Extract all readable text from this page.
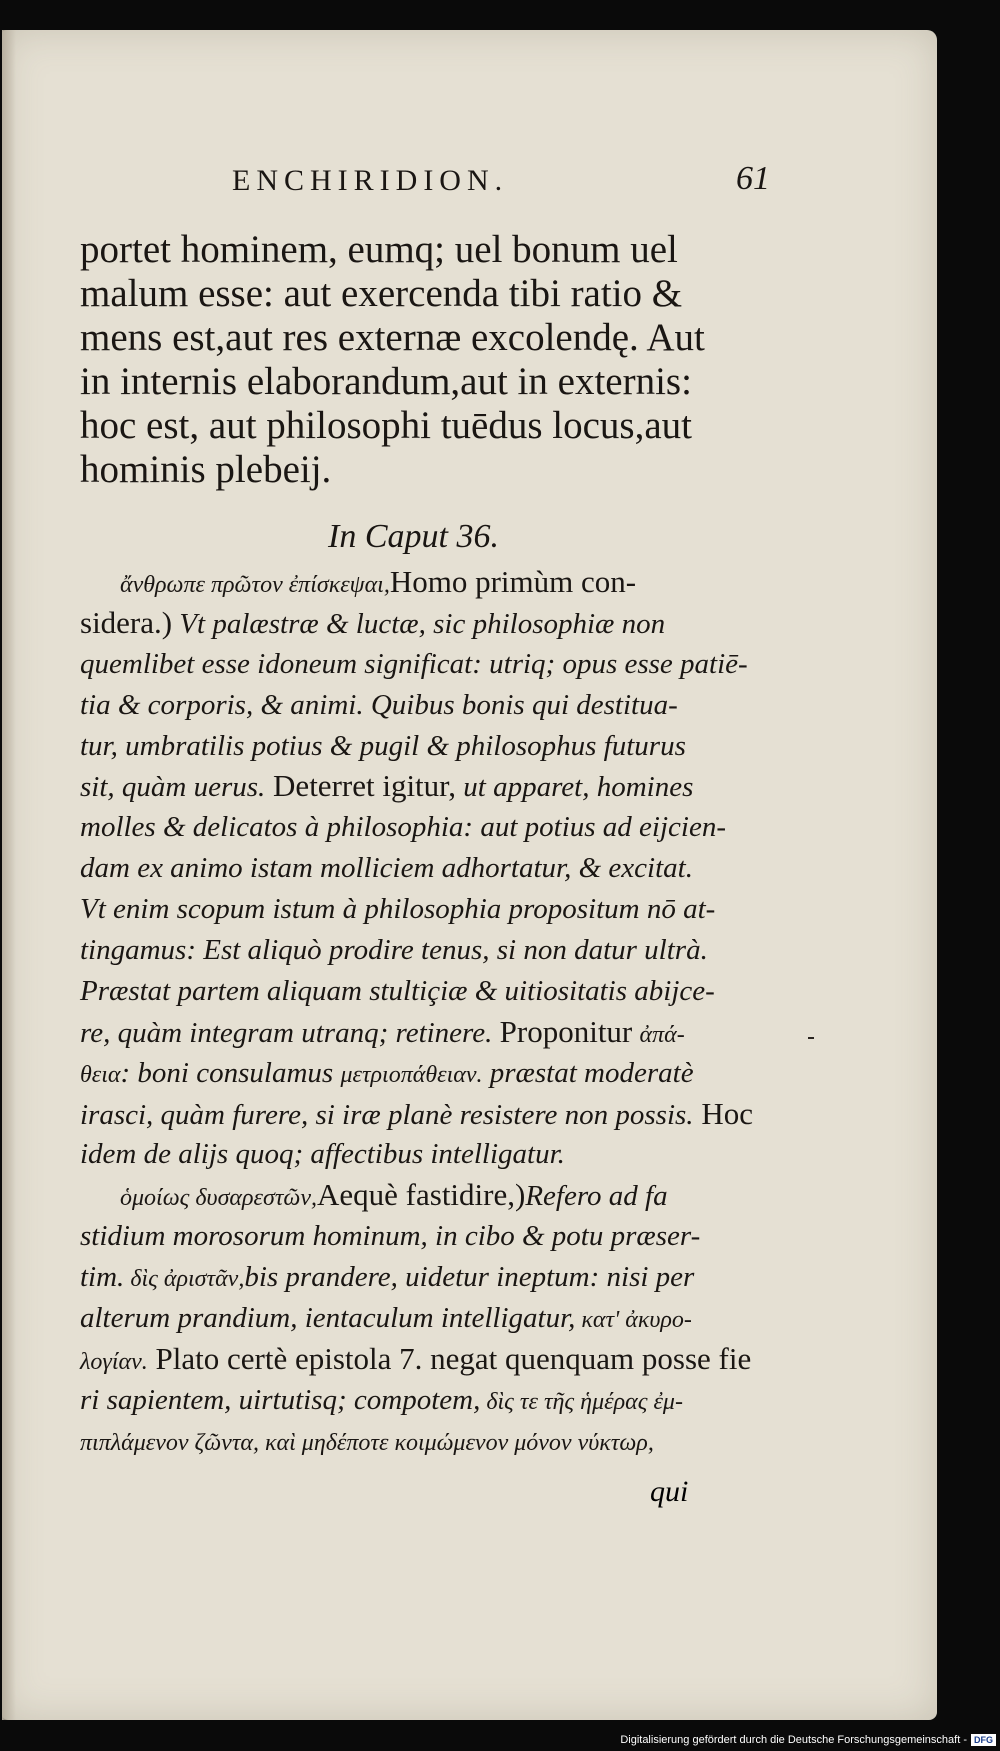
ENCHIRIDION.	61
portet hominem, eumq; uel bonum uel
malum esse: aut exercenda tibi ratio &
mens est,aut res externæ excolendę. Aut
in internis elaborandum,aut in externis:
hoc est, aut philosophi tuēdus locus,aut
hominis plebeij.
In Caput 36.
ἄνθρωπε πρῶτον ἐπίσκεψαι,Homo primùm con-
sidera.) Vt palæstræ & luctæ, sic philosophiæ non
quemlibet esse idoneum significat: utriq; opus esse patiē-
tia & corporis, & animi. Quibus bonis qui destitua-
tur, umbratilis potius & pugil & philosophus futurus
sit, quàm uerus. Deterret igitur, ut apparet, homines
molles & delicatos à philosophia: aut potius ad eijcien-
dam ex animo istam molliciem adhortatur, & excitat.
Vt enim scopum istum à philosophia propositum nō at-
tingamus: Est aliquò prodire tenus, si non datur ultrà.
Præstat partem aliquam stultiçiæ & uitiositatis abijce-
re, quàm integram utranq; retinere. Proponitur ἀπά-
θεια: boni consulamus μετριοπάθειαν. præstat moderatè
irasci, quàm furere, si iræ planè resistere non possis. Hoc
idem de alijs quoq; affectibus intelligatur.
ὁμοίως δυσαρεστῶν,Aequè fastidire,)Refero ad fa
stidium morosorum hominum, in cibo & potu præser-
tim. δὶς ἀριστᾶν,bis prandere, uidetur ineptum: nisi per
alterum prandium, ientaculum intelligatur, κατ' ἀκυρο-
λογίαν. Plato certè epistola 7. negat quenquam posse fie
ri sapientem, uirtutisq; compotem, δὶς τε τῆς ἡμέρας ἐμ-
πιπλάμενον ζῶντα, καὶ μηδέποτε κοιμώμενον μόνον νύκτωρ,
qui
Digitalisierung gefördert durch die Deutsche Forschungsgemeinschaft - DFG
